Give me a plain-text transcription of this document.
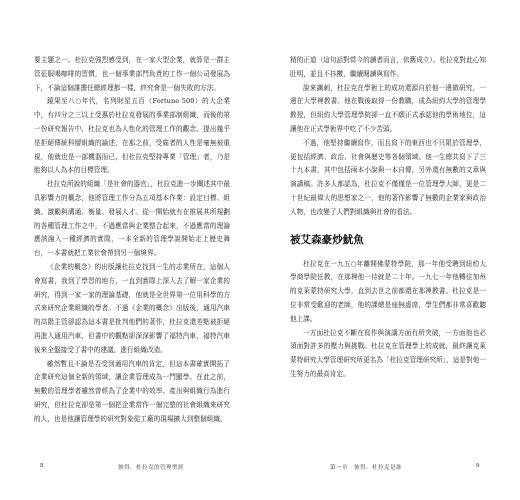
要主題之一。杜拉克強烈感受到，在一家大型企業，就算是一群主管征服喝咖啡的習慣，也一個事業部門負責的工作一個公司發展為下，不論這個誰擔任總經理都一樣，終究會是一個失敗的方法。

鏡果至八○年代，名列財星五百（Fortune 500）的大企業中，有四分之三以上受惠於杜拉克發展的事業部制組織，而後的第一份研究報告中，杜拉克也為人性化的管理工作的觀念，提出幾乎是拒絕傳統科層組織的論述，在那之前，受雇者的人性是毫無被重視，他就也是一部機器而已，但杜拉克堅持專業「管理」者，乃是能夠以人為本的目標管理。

杜拉克所說的組織「是社會的器官」，杜拉克進一步闡述其中最具影響力的概念，他將管理工作分為五項基本作業：設定目標、組織、激勵與溝通、衡量、發展人才。從一開始就有在推展其所規劃的各種管理工作之中，不過應當與企業整合起來，不過應當的理論應該融入一種經濟的實際，一本全新的管理學說開始走上歷史舞台，一本書就把工業社會帶到另一個境界。

《企業的概念》的出版讓杜拉克找到一生的志業所在，這個人會寫書，我到了學習的地方，一直到實際上深入去了解一家企業的研究，得到一家一家的理論基礎，他就是全世界第一位用科學的方式來研究企業組織的學者。不過《企業的概念》出版後，通用汽車的高階主管卻認為這本書是批判他們的著作，杜拉克還差點被拒絕再進入通用汽車，但書中的觀點卻深深影響了福特汽車，福特汽車後來全盤接受了書中的建議，進行組織改造。

雖然暫且不論是否受到通用汽車的肯定，但這本書確實開拓了企業研究這個全新的領域，讓企業管理成為一門顯學。在此之前，無數的管理學者雖然曾經為了企業中的效率、產出與組織行為進行研究，但杜拉克卻是第一個把企業當作一個完整的社會組織來研究的人，也是他讓管理學的研究對象從工廠的現場擴大到整個組織。

8	彼得．杜拉克的管理聖經

精的正道（這句話對當今的讀者而言，依舊成立）。杜拉克對此心知肚明，並且不抖擻，繼續閱讀與寫作。

說來諷刺，杜拉克在學術上的成功還源自於他一邊做研究，一邊在大學裡教書。他在戰後取得一份教職，成為紐約大學的管理學教授，但紐約大學管理學院卻一直不願正式承認他的學術地位，這讓他在正式學術界中吃了不少苦頭。

不過，他堅持繼續寫作，而且寫下的東西也不只限於管理學，更包括經濟、政治、社會與歷史等各個領域。他一生總共寫下了三十九本書，其中包括兩本小說與一本自傳，另外還有無數的文章與演講稿。許多人都認為，杜拉克不僅僅是一位管理學大師，更是二十世紀最偉大的思想家之一，他的著作影響了無數的企業家與政治人物，也改變了人們對組織與社會的看法。

被艾森豪炒魷魚

杜拉克在一九五○年離開佛蒙特學院，那一年他受聘到紐約大學商學院任教，在那裡他一待就是二十年。一九七一年他轉往加州的克萊蒙特研究大學，直到去世之前都還在那裡教書。杜拉克是一位非常受歡迎的老師，他的課總是座無虛席，學生們都非常喜歡聽他上課。

一方面杜拉克不斷在寫作與演講方面有所突破，一方面他也必須面對許多的壓力與挑戰。杜拉克在管理學上的成就，最終讓克萊蒙特研究大學管理研究所更名為「杜拉克管理研究所」，這是對他一生努力的最高肯定。

第一章　彼得．杜拉克是誰	9
